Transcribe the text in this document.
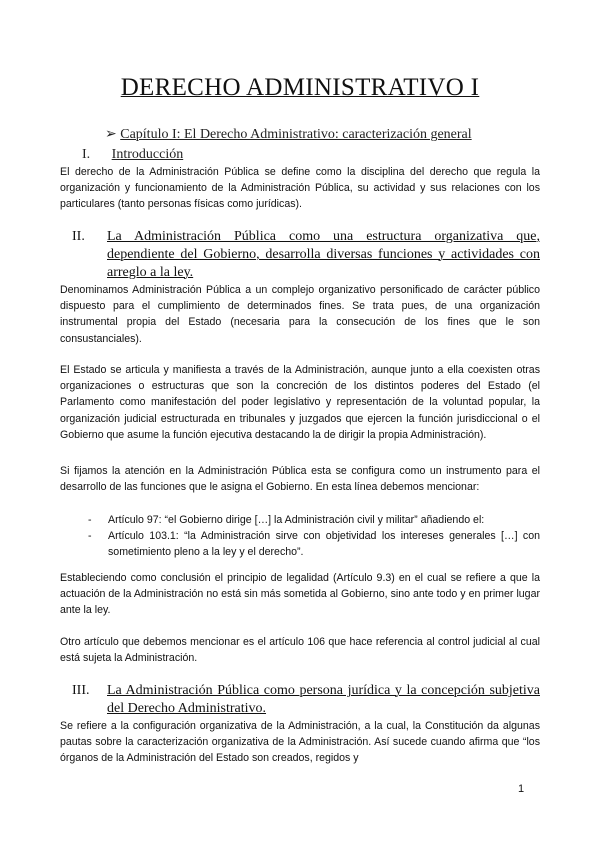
DERECHO ADMINISTRATIVO I
➢ Capítulo I: El Derecho Administrativo: caracterización general
I. Introducción
El derecho de la Administración Pública se define como la disciplina del derecho que regula la organización y funcionamiento de la Administración Pública, su actividad y sus relaciones con los particulares (tanto personas físicas como jurídicas).
II. La Administración Pública como una estructura organizativa que, dependiente del Gobierno, desarrolla diversas funciones y actividades con arreglo a la ley.
Denominamos Administración Pública a un complejo organizativo personificado de carácter público dispuesto para el cumplimiento de determinados fines. Se trata pues, de una organización instrumental propia del Estado (necesaria para la consecución de los fines que le son consustanciales).
El Estado se articula y manifiesta a través de la Administración, aunque junto a ella coexisten otras organizaciones o estructuras que son la concreción de los distintos poderes del Estado (el Parlamento como manifestación del poder legislativo y representación de la voluntad popular, la organización judicial estructurada en tribunales y juzgados que ejercen la función jurisdiccional o el Gobierno que asume la función ejecutiva destacando la de dirigir la propia Administración).
Si fijamos la atención en la Administración Pública esta se configura como un instrumento para el desarrollo de las funciones que le asigna el Gobierno. En esta línea debemos mencionar:
- Artículo 97: “el Gobierno dirige […] la Administración civil y militar” añadiendo el:
- Artículo 103.1: “la Administración sirve con objetividad los intereses generales […] con sometimiento pleno a la ley y el derecho”.
Estableciendo como conclusión el principio de legalidad (Artículo 9.3) en el cual se refiere a que la actuación de la Administración no está sin más sometida al Gobierno, sino ante todo y en primer lugar ante la ley.
Otro artículo que debemos mencionar es el artículo 106 que hace referencia al control judicial al cual está sujeta la Administración.
III. La Administración Pública como persona jurídica y la concepción subjetiva del Derecho Administrativo.
Se refiere a la configuración organizativa de la Administración, a la cual, la Constitución da algunas pautas sobre la caracterización organizativa de la Administración. Así sucede cuando afirma que “los órganos de la Administración del Estado son creados, regidos y
1
